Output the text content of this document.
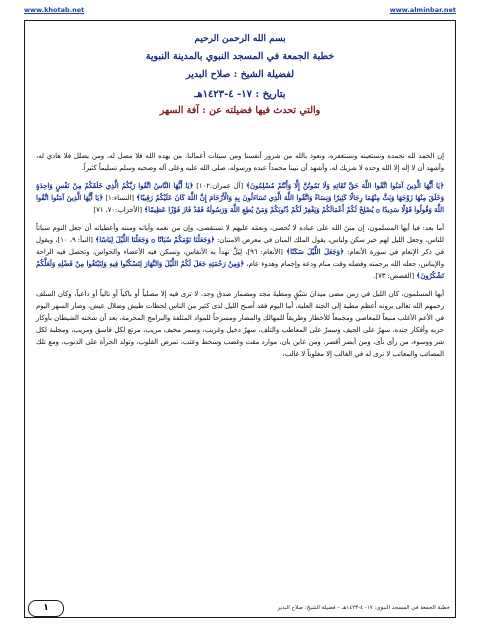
www.khotab.net	www.alminbar.net

بسم الله الرحمن الرحيم

خطبة الجمعة في المسجد النبوي بالمدينة النبوية

لفضيلة الشيخ : صلاح البدير

بتاريخ : ١٧- ٤-١٤٢٣هـ

والتي تحدث فيها فضيلته عن : آفة السهر

إن الحمد لله نحمده ونستعينه ونستغفره، ونعوذ بالله من شرور أنفسنا ومن سيئات أعمالنا، من يهده الله فلا مضل له، ومن يضلل فلا هادي له، وأشهد أن لا إله إلا الله وحده لا شريك له، وأشهد أن نبينا محمداً عبده ورسوله، صلى الله عليه وعلى آله وصحبه وسلم تسليماً كثيراً.

﴿يَا أَيُّهَا الَّذِينَ آمَنُوا اتَّقُوا اللَّهَ حَقَّ تُقَاتِهِ وَلَا تَمُوتُنَّ إِلَّا وَأَنْتُمْ مُسْلِمُونَ﴾ [آل عمران:١٠٢] ﴿يَا أَيُّهَا النَّاسُ اتَّقُوا رَبَّكُمُ الَّذِي خَلَقَكُمْ مِنْ نَفْسٍ وَاحِدَةٍ وَخَلَقَ مِنْهَا زَوْجَهَا وَبَثَّ مِنْهُمَا رِجَالًا كَثِيرًا وَنِسَاءً وَاتَّقُوا اللَّهَ الَّذِي تَسَاءَلُونَ بِهِ وَالْأَرْحَامَ إِنَّ اللَّهَ كَانَ عَلَيْكُمْ رَقِيبًا﴾ [النساء:١] ﴿يَا أَيُّهَا الَّذِينَ آمَنُوا اتَّقُوا اللَّهَ وَقُولُوا قَوْلًا سَدِيدًا ۞ يُصْلِحْ لَكُمْ أَعْمَالَكُمْ وَيَغْفِرْ لَكُمْ ذُنُوبَكُمْ وَمَنْ يُطِعِ اللَّهَ وَرَسُولَهُ فَقَدْ فَازَ فَوْزًا عَظِيمًا﴾ [الأحزاب:٧٠، ٧١]

أما بعد: فيا أيها المسلمون، إن مننَ الله على عباده لا تُحصى، ونعمَه عليهم لا تستقصى، وإن من نعمه وآياته ومننه وأعطياته أن جعل النوم سباتاً للناس، وجعل الليل لهم خير سكن ولباس، يقول الملك المنان في معرض الامتنان: ﴿وَجَعَلْنَا نَوْمَكُمْ سُبَاتًا ۞ وَجَعَلْنَا اللَّيْلَ لِبَاسًا﴾ [النبأ: ٩، ١٠]، ويقول في ذكر الإنعام في سورة الأنعام: ﴿وَجَعَلَ اللَّيْلَ سَكَنًا﴾ [الأنعام: ٩٦]، لِيَلَّ تهدأ به الأنفاس، وتسكن فيه الأعضاء والحواس، وتحصل فيه الراحة والإيناس، جعله الله برحمته وفضله وقت منام ودعة وإجمام وهدوء عام، ﴿وَمِنْ رَحْمَتِهِ جَعَلَ لَكُمُ اللَّيْلَ وَالنَّهَارَ لِتَسْكُنُوا فِيهِ وَلِتَبْتَغُوا مِنْ فَضْلِهِ وَلَعَلَّكُمْ تَشْكُرُونَ﴾ [القصص: ٧٣].

أيها المسلمون، كان الليل في زمن مضى ميدانَ سَبْقٍ ومطيةَ مجد ومضمار صدق وجد، لا ترى فيه إلا مصلياً أو باكياً أو تالياً أو داعياً، وكان السلف رحمهم الله تعالى يرونه أعظم مطية إلى الجنة العلية، أما اليوم فقد أصبح الليل لدى كثير من الناس لحظات طيش وضلال عيش، وصار السهر اليوم في الأعم الأغلب منبعاً للمعاصي ومجمعاً للأخطار وطريقاً للمهالك والمضار ومسرحاً للمواد المثلفة والبرامج المحرمة، بعد أن شحنه الشيطان بأوكار حزبه وأفكار جنده، سهرٌ على الجيف وسمرٌ على المعاطب والتلف، سهرٌ دخيل وغريب، وسمر مخيف مريب، مرتع لكل فاسق ومريب، ومجلبة لكل شر ووسوء، من رأى نأى، ومن أبصر أقصر، ومن عاين بان، موارد مقت وغضب وسخط وعتب، تمرض القلوب، وتولد الجرأة على الذنوب، ومع تلك المصائب والمعاتب لا نرى له في الغالب إلا مغلوباً لا غالب،

١	خطبة الجمعة في المسجد النبوي: ١٧- ٤-١٤٢٣هـ – فضيلة الشيخ: صلاح البدير
